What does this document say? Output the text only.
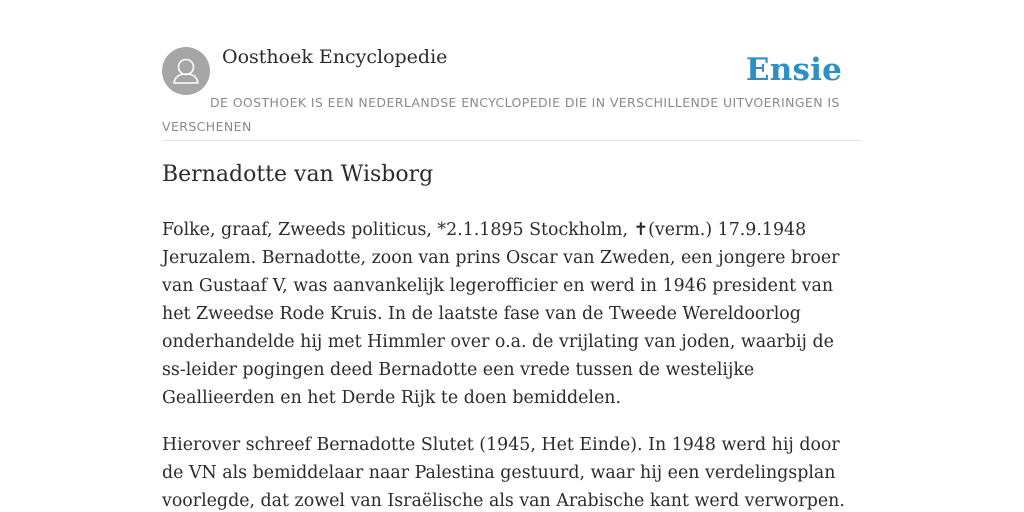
Oosthoek Encyclopedie	Ensie
DE OOSTHOEK IS EEN NEDERLANDSE ENCYCLOPEDIE DIE IN VERSCHILLENDE UITVOERINGEN IS VERSCHENEN
Bernadotte van Wisborg

Folke, graaf, Zweeds politicus, *2.1.1895 Stockholm, ✝(verm.) 17.9.1948 Jeruzalem. Bernadotte, zoon van prins Oscar van Zweden, een jongere broer van Gustaaf V, was aanvankelijk legerofficier en werd in 1946 president van het Zweedse Rode Kruis. In de laatste fase van de Tweede Wereldoorlog onderhandelde hij met Himmler over o.a. de vrijlating van joden, waarbij de ss-leider pogingen deed Bernadotte een vrede tussen de westelijke Geallieerden en het Derde Rijk te doen bemiddelen.

Hierover schreef Bernadotte Slutet (1945, Het Einde). In 1948 werd hij door de VN als bemiddelaar naar Palestina gestuurd, waar hij een verdelingsplan voorlegde, dat zowel van Israëlische als van Arabische kant werd verworpen.
